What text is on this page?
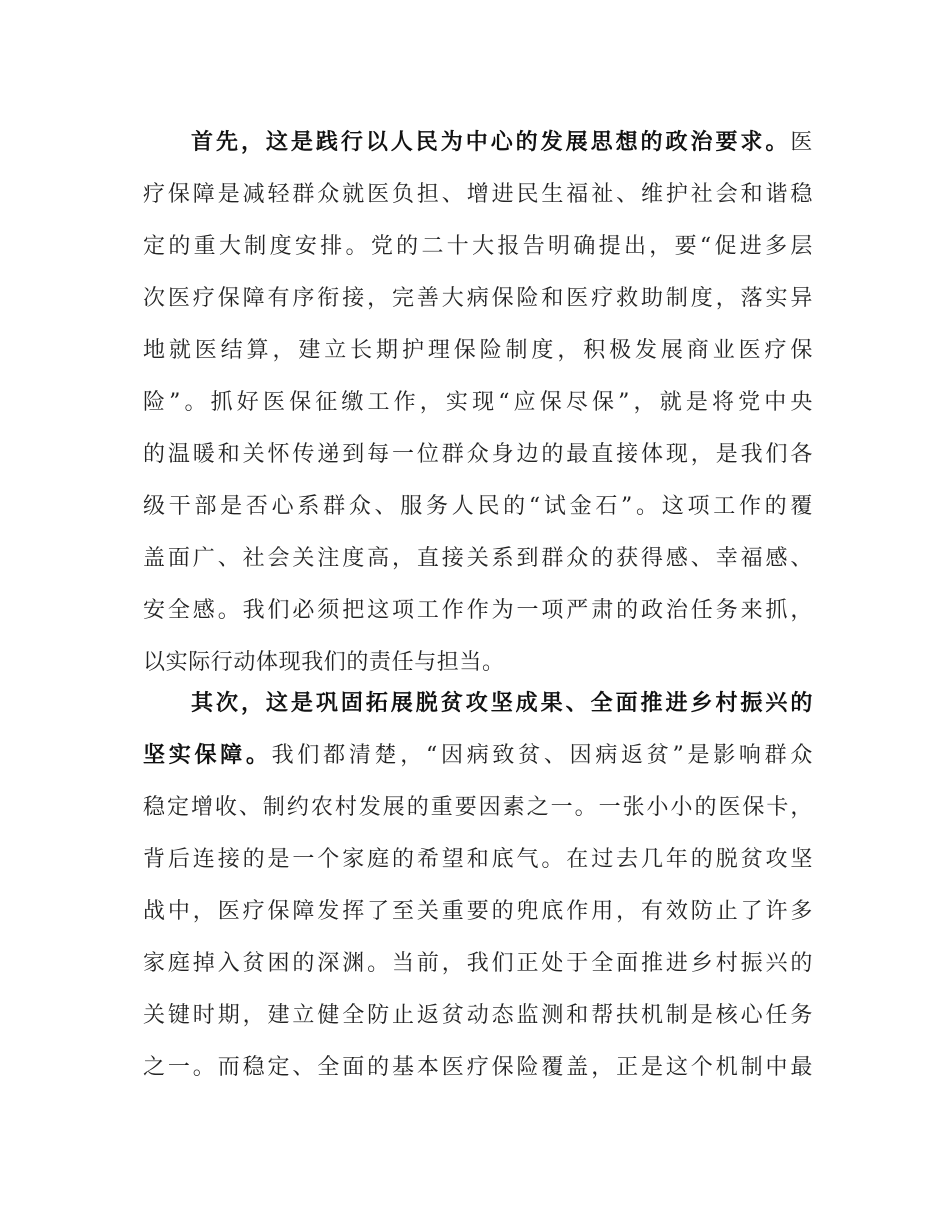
首先，这是践行以人民为中心的发展思想的政治要求。医
疗保障是减轻群众就医负担、增进民生福祉、维护社会和谐稳
定的重大制度安排。党的二十大报告明确提出，要“促进多层
次医疗保障有序衔接，完善大病保险和医疗救助制度，落实异
地就医结算，建立长期护理保险制度，积极发展商业医疗保
险”。抓好医保征缴工作，实现“应保尽保”，就是将党中央
的温暖和关怀传递到每一位群众身边的最直接体现，是我们各
级干部是否心系群众、服务人民的“试金石”。这项工作的覆
盖面广、社会关注度高，直接关系到群众的获得感、幸福感、
安全感。我们必须把这项工作作为一项严肃的政治任务来抓，
以实际行动体现我们的责任与担当。
其次，这是巩固拓展脱贫攻坚成果、全面推进乡村振兴的
坚实保障。我们都清楚，“因病致贫、因病返贫”是影响群众
稳定增收、制约农村发展的重要因素之一。一张小小的医保卡，
背后连接的是一个家庭的希望和底气。在过去几年的脱贫攻坚
战中，医疗保障发挥了至关重要的兜底作用，有效防止了许多
家庭掉入贫困的深渊。当前，我们正处于全面推进乡村振兴的
关键时期，建立健全防止返贫动态监测和帮扶机制是核心任务
之一。而稳定、全面的基本医疗保险覆盖，正是这个机制中最
